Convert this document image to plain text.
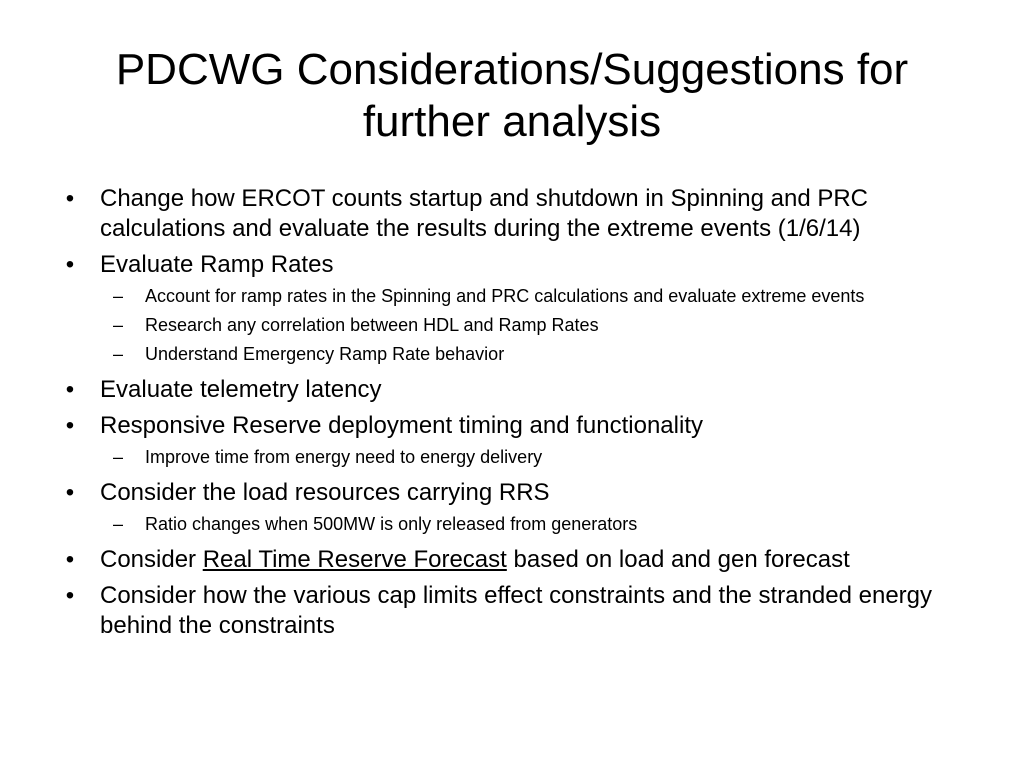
PDCWG Considerations/Suggestions for further analysis
• Change how ERCOT counts startup and shutdown in Spinning and PRC calculations and evaluate the results during the extreme events (1/6/14)
• Evaluate Ramp Rates
– Account for ramp rates in the Spinning and PRC calculations and evaluate extreme events
– Research any correlation between HDL and Ramp Rates
– Understand Emergency Ramp Rate behavior
• Evaluate telemetry latency
• Responsive Reserve deployment timing and functionality
– Improve time from energy need to energy delivery
• Consider the load resources carrying RRS
– Ratio changes when 500MW is only released from generators
• Consider Real Time Reserve Forecast based on load and gen forecast
• Consider how the various cap limits effect constraints and the stranded energy behind the constraints
